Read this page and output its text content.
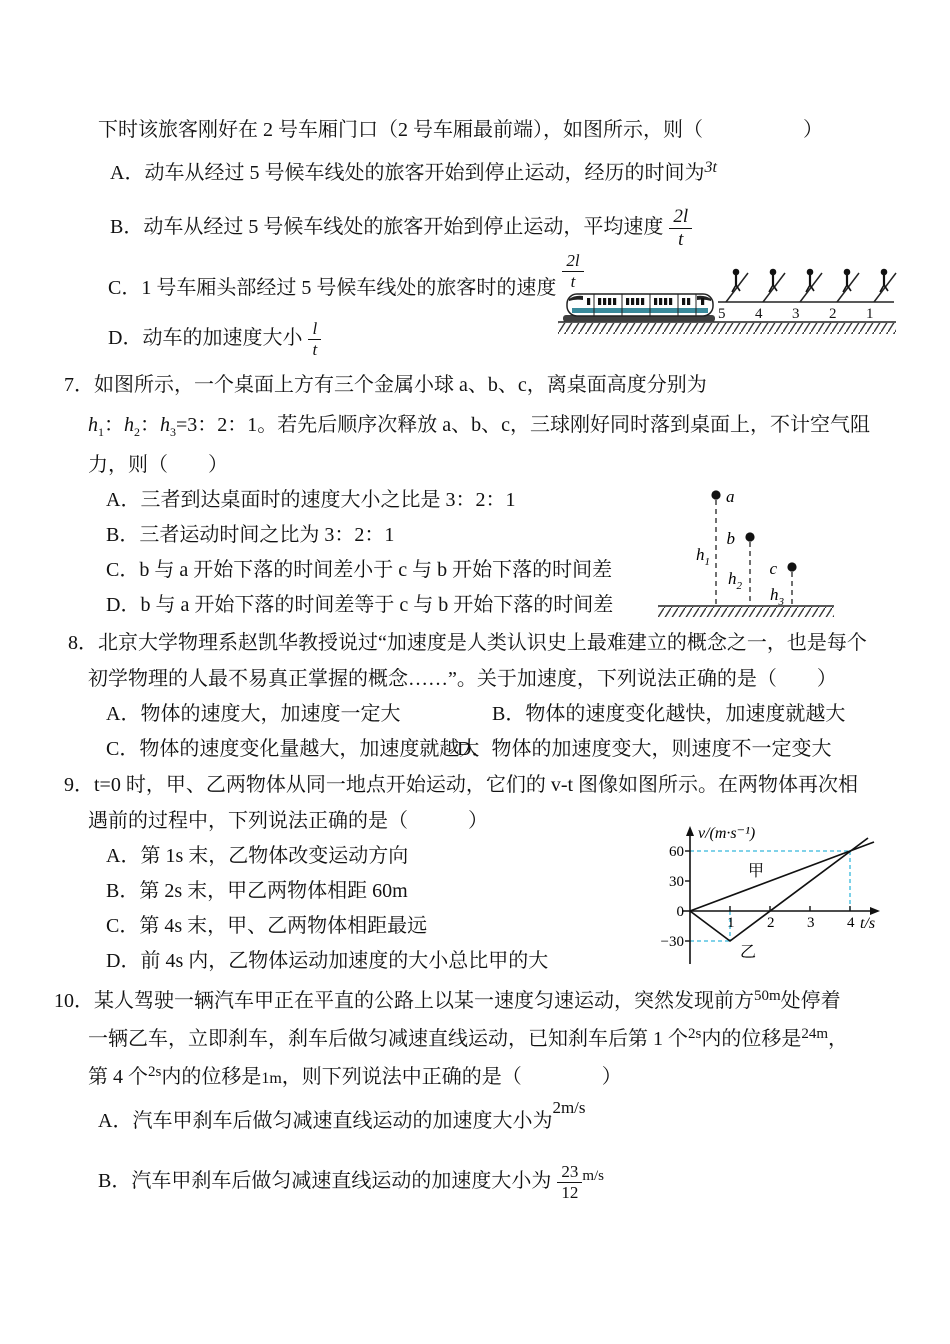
下时该旅客刚好在 2 号车厢门口（2 号车厢最前端），如图所示，则（　　　　　）
A．动车从经过 5 号候车线处的旅客开始到停止运动，经历的时间为$^{3t}$
B．动车从经过 5 号候车线处的旅客开始到停止运动，平均速度 $\frac{2l}{t}$
C．1 号车厢头部经过 5 号候车线处的旅客时的速度 $\frac{2l}{t}$
D．动车的加速度大小 $\frac{l}{t}$
5 4 3 2 1
7．如图所示，一个桌面上方有三个金属小球 a、b、c，离桌面高度分别为
$h_1$：$h_2$：$h_3=3$：2：1。若先后顺序次释放 a、b、c，三球刚好同时落到桌面上，不计空气阻
力，则（　　）
A．三者到达桌面时的速度大小之比是 3：2：1
B．三者运动时间之比为 3：2：1
C．b 与 a 开始下落的时间差小于 c 与 b 开始下落的时间差
D．b 与 a 开始下落的时间差等于 c 与 b 开始下落的时间差
a
b
c
$h_1$
$h_2$ $h_3$
8．北京大学物理系赵凯华教授说过“加速度是人类认识史上最难建立的概念之一，也是每个
初学物理的人最不易真正掌握的概念……”。关于加速度，下列说法正确的是（　　）
A．物体的速度大，加速度一定大	B．物体的速度变化越快，加速度就越大
C．物体的速度变化量越大，加速度就越大
D．物体的加速度变大，则速度不一定变大
9．t=0 时，甲、乙两物体从同一地点开始运动，它们的 v-t 图像如图所示。在两物体再次相
遇前的过程中，下列说法正确的是（　　　）
A．第 1s 末，乙物体改变运动方向
B．第 2s 末，甲乙两物体相距 60m
C．第 4s 末，甲、乙两物体相距最远
D．前 4s 内，乙物体运动加速度的大小总比甲的大
v/(m·s⁻¹)
t/s
60
30
0
−30
1 2 3 4
甲
乙
10．某人驾驶一辆汽车甲正在平直的公路上以某一速度匀速运动，突然发现前方$^{50m}$处停着
一辆乙车，立即刹车，刹车后做匀减速直线运动，已知刹车后第 1 个$^{2s}$内的位移是$^{24m}$，
第 4 个$^{2s}$内的位移是1m，则下列说法中正确的是（　　　　）
A．汽车甲刹车后做匀减速直线运动的加速度大小为$^{2m/s}$
B．汽车甲刹车后做匀减速直线运动的加速度大小为 $\frac{23}{12} ^{m/s}$
